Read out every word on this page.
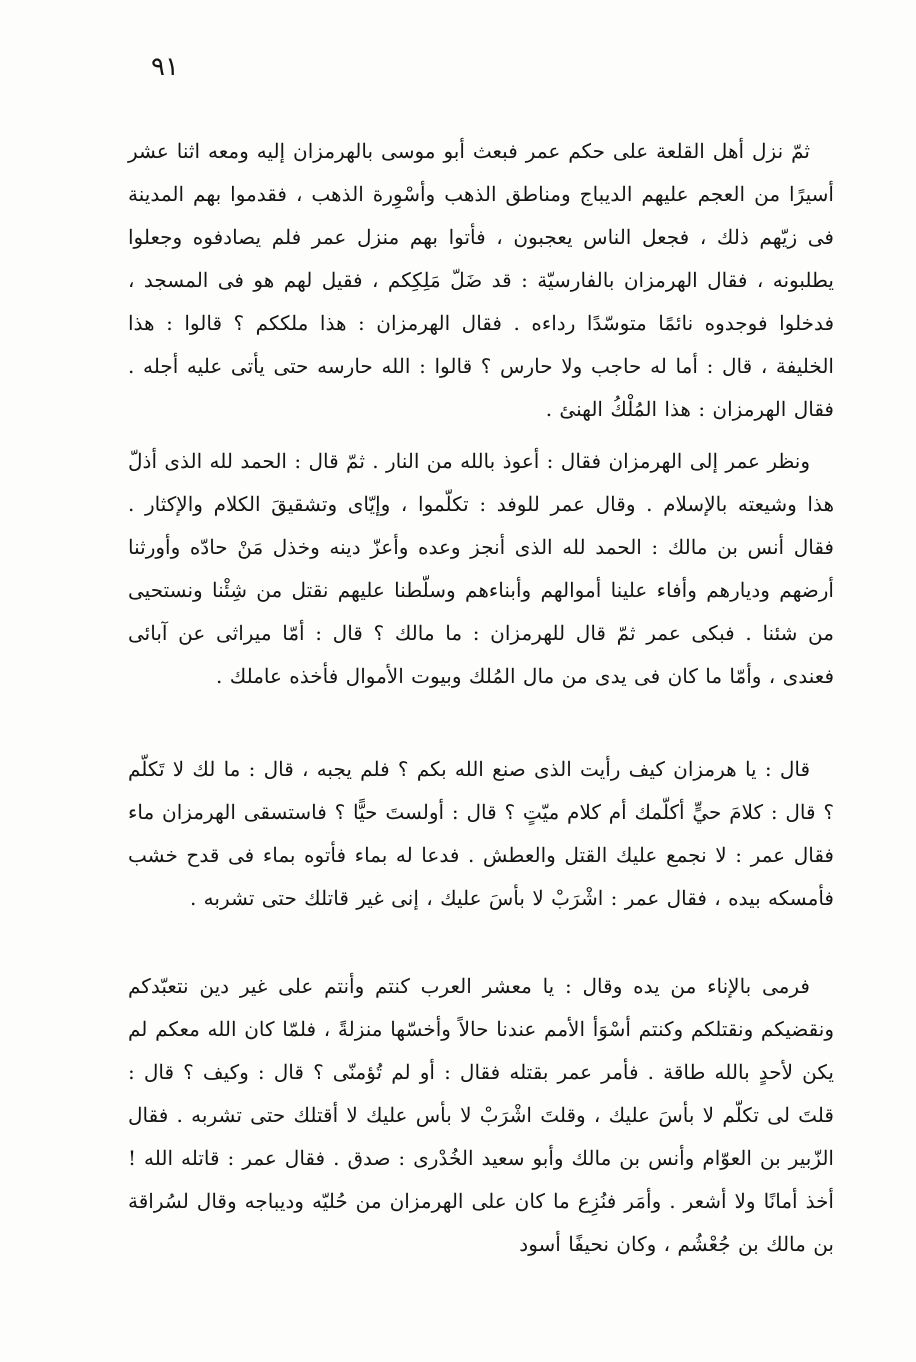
٩١

ثمّ نزل أهل القلعة على حكم عمر فبعث أبو موسى بالهرمزان إليه ومعه اثنا عشر أسيرًا من العجم عليهم الديباج ومناطق الذهب وأسْوِرة الذهب ، فقدموا بهم المدينة فى زيّهم ذلك ، فجعل الناس يعجبون ، فأتوا بهم منزل عمر فلم يصادفوه وجعلوا يطلبونه ، فقال الهرمزان بالفارسيّة : قد ضَلّ مَلِكِكم ، فقيل لهم هو فى المسجد ، فدخلوا فوجدوه نائمًا متوسّدًا رداءه . فقال الهرمزان : هذا ملككم ؟ قالوا : هذا الخليفة ، قال : أما له حاجب ولا حارس ؟ قالوا : الله حارسه حتى يأتى عليه أجله . فقال الهرمزان : هذا المُلْكُ الهنئ .

ونظر عمر إلى الهرمزان فقال : أعوذ بالله من النار . ثمّ قال : الحمد لله الذى أذلّ هذا وشيعته بالإسلام . وقال عمر للوفد : تكلّموا ، وإيّاى وتشقيقَ الكلام والإكثار . فقال أنس بن مالك : الحمد لله الذى أنجز وعده وأعزّ دينه وخذل مَنْ حادّه وأورثنا أرضهم وديارهم وأفاء علينا أموالهم وأبناءهم وسلّطنا عليهم نقتل من شِئْنا ونستحيى من شئنا . فبكى عمر ثمّ قال للهرمزان : ما مالك ؟ قال : أمّا ميراثى عن آبائى فعندى ، وأمّا ما كان فى يدى من مال المُلك وبيوت الأموال فأخذه عاملك .

قال : يا هرمزان كيف رأيت الذى صنع الله بكم ؟ فلم يجبه ، قال : ما لك لا تَكلّم ؟ قال : كلامَ حيٍّ أكلّمك أم كلام ميّتٍ ؟ قال : أولستَ حيًّا ؟ فاستسقى الهرمزان ماء فقال عمر : لا نجمع عليك القتل والعطش . فدعا له بماء فأتوه بماء فى قدح خشب فأمسكه بيده ، فقال عمر : اشْرَبْ لا بأسَ عليك ، إنى غير قاتلك حتى تشربه .

فرمى بالإناء من يده وقال : يا معشر العرب كنتم وأنتم على غير دين نتعبّدكم ونقضيكم ونقتلكم وكنتم أسْوَأ الأمم عندنا حالاً وأخسّها منزلةً ، فلمّا كان الله معكم لم يكن لأحدٍ بالله طاقة . فأمر عمر بقتله فقال : أو لم تُؤمنّى ؟ قال : وكيف ؟ قال : قلتَ لى تكلّم لا بأسَ عليك ، وقلتَ اشْرَبْ لا بأس عليك لا أقتلك حتى تشربه . فقال الزّبير بن العوّام وأنس بن مالك وأبو سعيد الخُدْرى : صدق . فقال عمر : قاتله الله ! أخذ أمانًا ولا أشعر . وأمَر فنُزِع ما كان على الهرمزان من حُليّه وديباجه وقال لسُراقة بن مالك بن جُعْشُم ، وكان نحيفًا أسود
